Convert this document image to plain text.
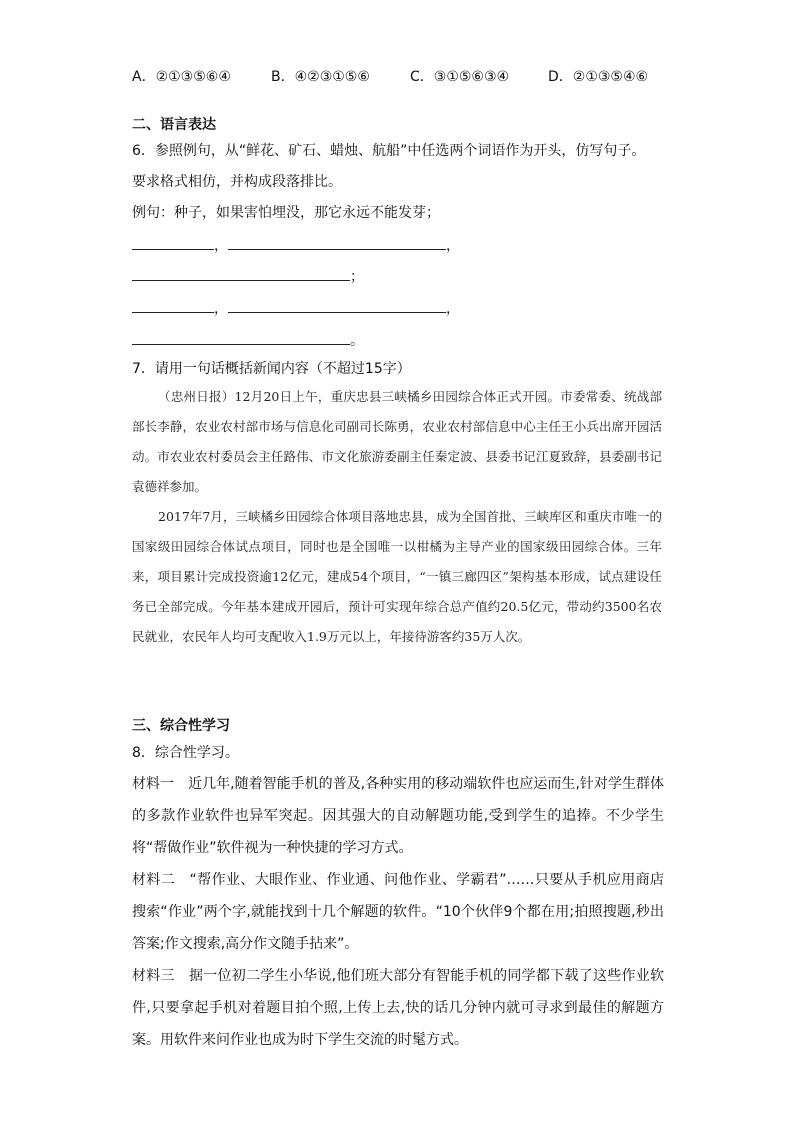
A．②①③⑤⑥④	B．④②③①⑤⑥	C．③①⑤⑥③④	D．②①③⑤④⑥
二、语言表达
6．参照例句，从“鲜花、矿石、蜡烛、航船”中任选两个词语作为开头，仿写句子。
要求格式相仿，并构成段落排比。
例句：种子，如果害怕埋没，那它永远不能发芽；
，	，
；
，	，
。
7．请用一句话概括新闻内容（不超过15字）

（忠州日报）12月20日上午，重庆忠县三峡橘乡田园综合体正式开园。市委常委、统战部部长李静，农业农村部市场与信息化司副司长陈勇，农业农村部信息中心主任王小兵出席开园活动。市农业农村委员会主任路伟、市文化旅游委副主任秦定波、县委书记江夏致辞，县委副书记袁德祥参加。

2017年7月，三峡橘乡田园综合体项目落地忠县，成为全国首批、三峡库区和重庆市唯一的国家级田园综合体试点项目，同时也是全国唯一以柑橘为主导产业的国家级田园综合体。三年来，项目累计完成投资逾12亿元，建成54个项目，“一镇三廊四区”架构基本形成，试点建设任务已全部完成。今年基本建成开园后，预计可实现年综合总产值约20.5亿元，带动约3500名农民就业，农民年人均可支配收入1.9万元以上，年接待游客约35万人次。

三、综合性学习
8．综合性学习。

材料一　近几年,随着智能手机的普及,各种实用的移动端软件也应运而生,针对学生群体的多款作业软件也异军突起。因其强大的自动解题功能,受到学生的追捧。不少学生将“帮做作业”软件视为一种快捷的学习方式。

材料二　“帮作业、大眼作业、作业通、问他作业、学霸君”……只要从手机应用商店搜索“作业”两个字,就能找到十几个解题的软件。“10个伙伴9个都在用;拍照搜题,秒出答案;作文搜索,高分作文随手拈来”。

材料三　据一位初二学生小华说,他们班大部分有智能手机的同学都下载了这些作业软件,只要拿起手机对着题目拍个照,上传上去,快的话几分钟内就可寻求到最佳的解题方案。用软件来问作业也成为时下学生交流的时髦方式。
